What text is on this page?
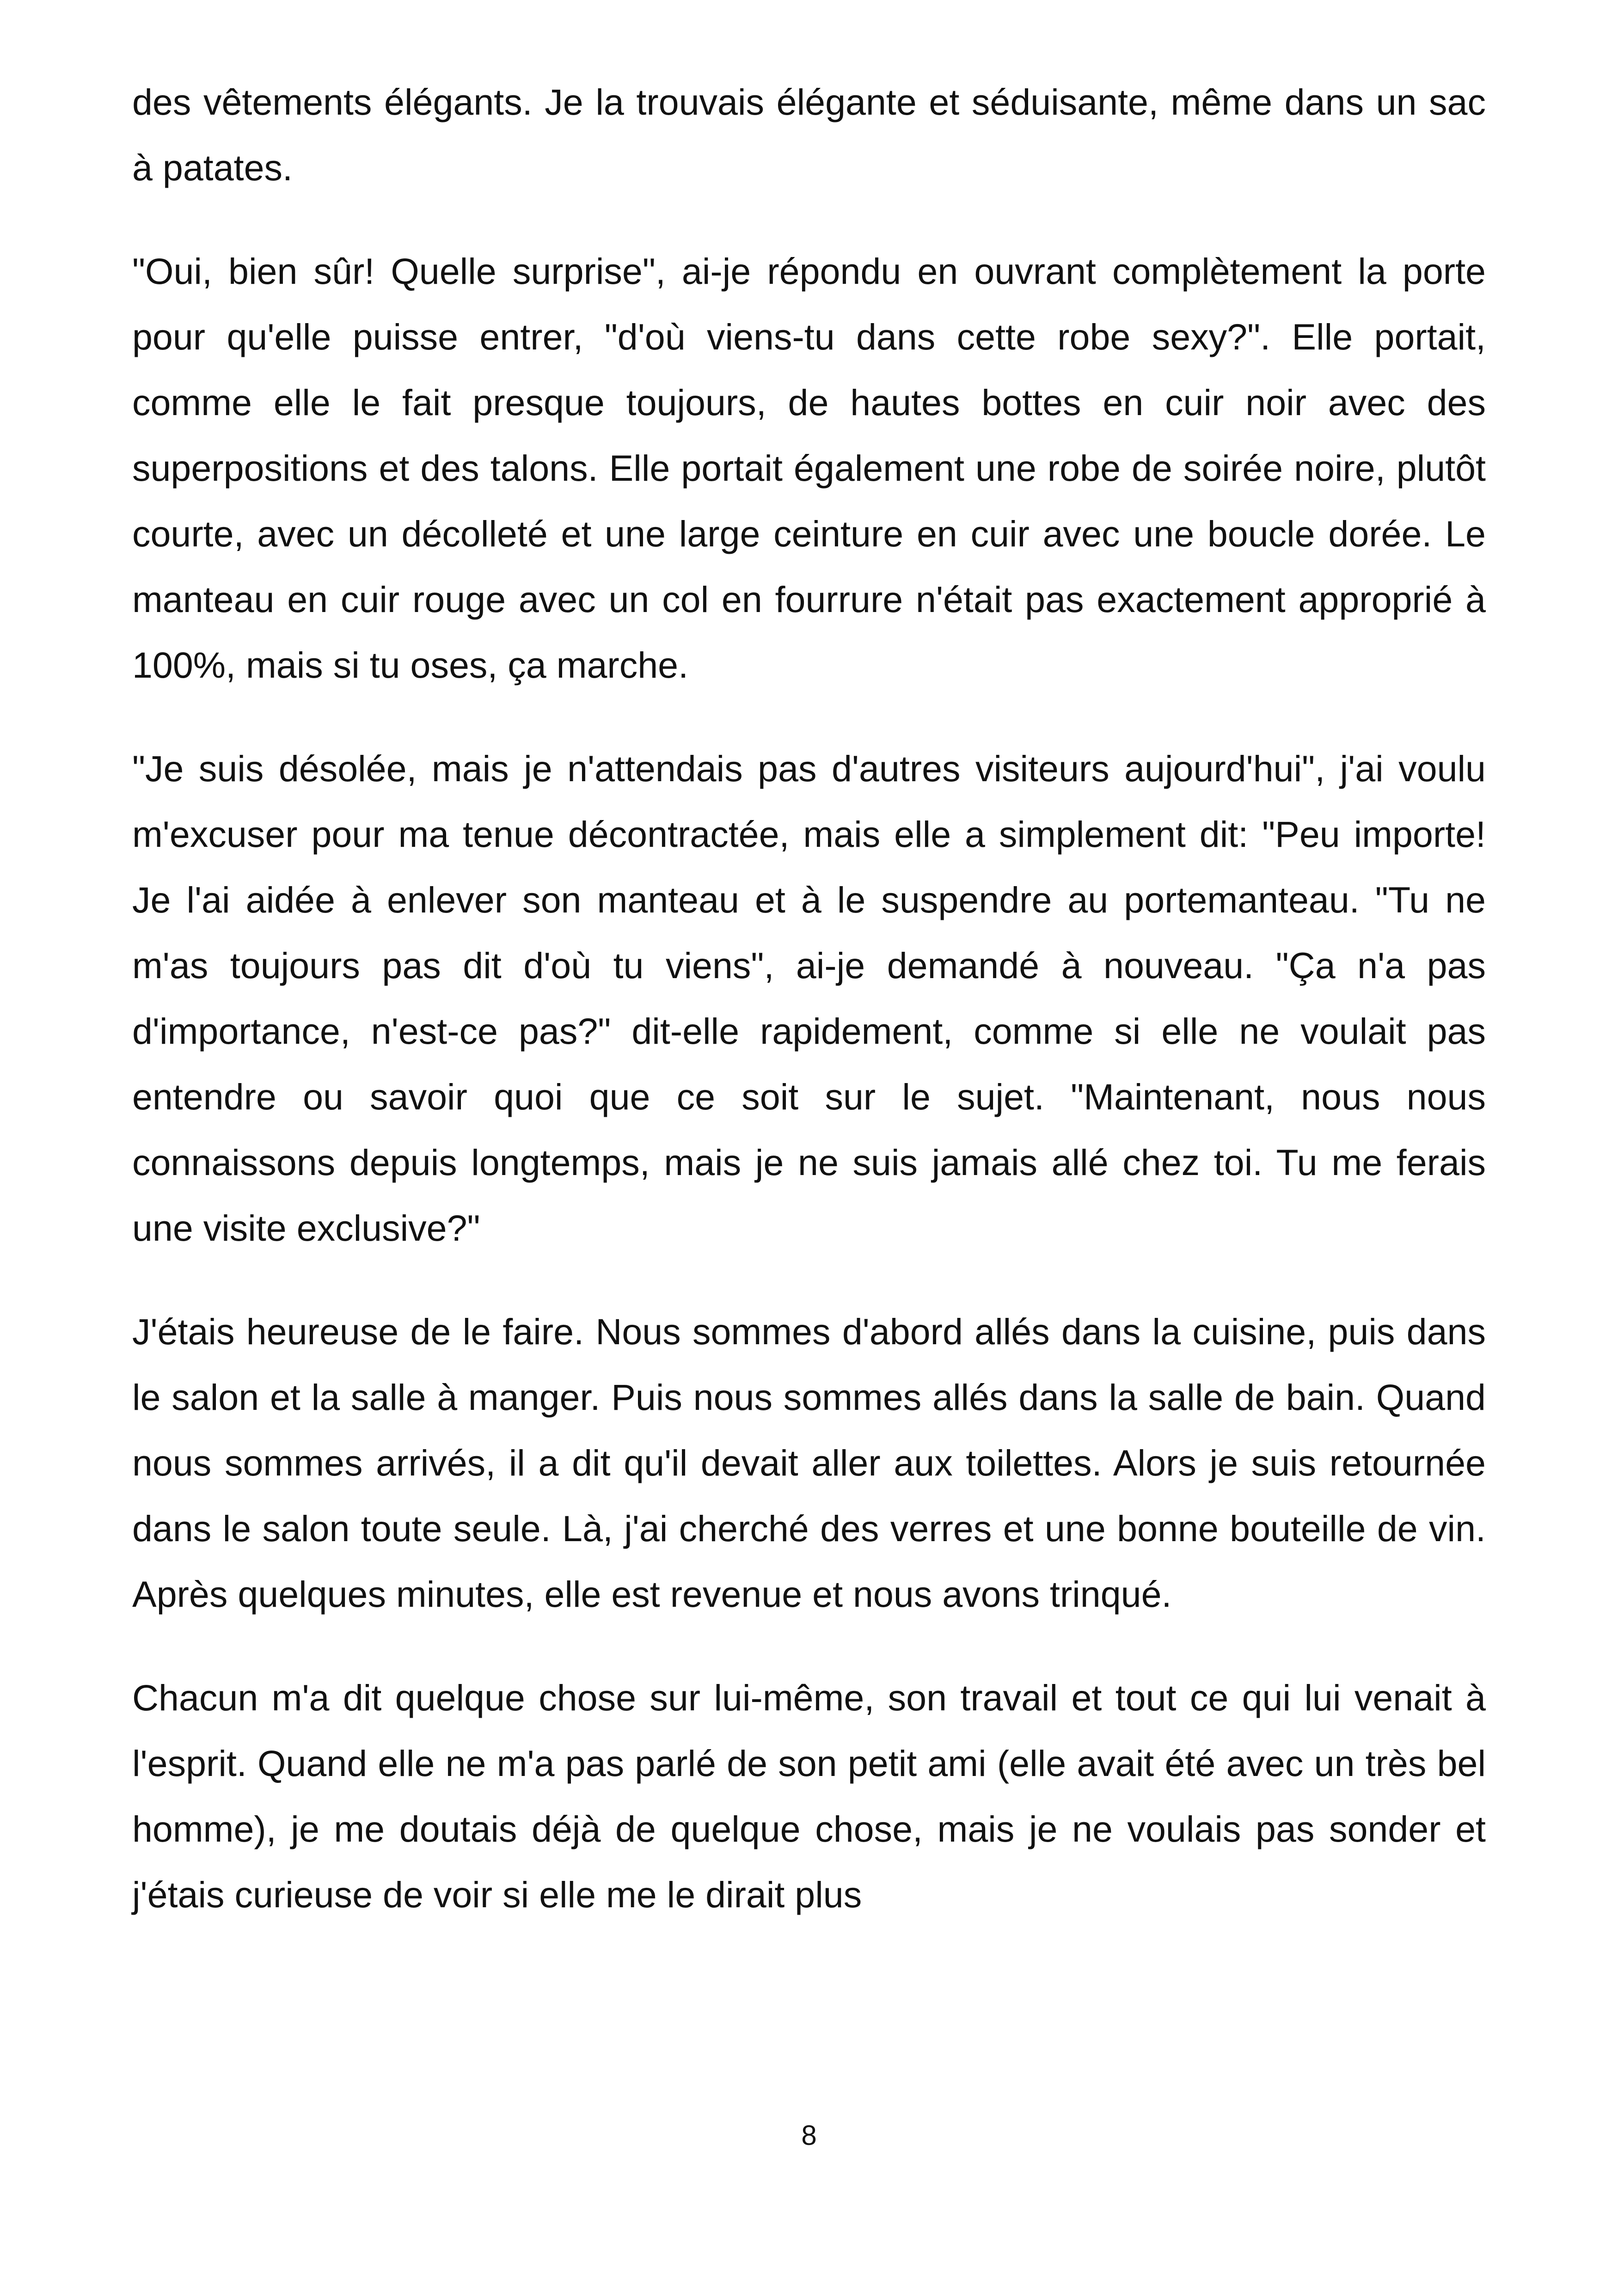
des vêtements élégants. Je la trouvais élégante et séduisante, même dans un sac à patates.

"Oui, bien sûr! Quelle surprise", ai-je répondu en ouvrant complètement la porte pour qu'elle puisse entrer, "d'où viens-tu dans cette robe sexy?". Elle portait, comme elle le fait presque toujours, de hautes bottes en cuir noir avec des superpositions et des talons. Elle portait également une robe de soirée noire, plutôt courte, avec un décolleté et une large ceinture en cuir avec une boucle dorée. Le manteau en cuir rouge avec un col en fourrure n'était pas exactement approprié à 100%, mais si tu oses, ça marche.

"Je suis désolée, mais je n'attendais pas d'autres visiteurs aujourd'hui", j'ai voulu m'excuser pour ma tenue décontractée, mais elle a simplement dit: "Peu importe! Je l'ai aidée à enlever son manteau et à le suspendre au portemanteau. "Tu ne m'as toujours pas dit d'où tu viens", ai-je demandé à nouveau. "Ça n'a pas d'importance, n'est-ce pas?" dit-elle rapidement, comme si elle ne voulait pas entendre ou savoir quoi que ce soit sur le sujet. "Maintenant, nous nous connaissons depuis longtemps, mais je ne suis jamais allé chez toi. Tu me ferais une visite exclusive?"

J'étais heureuse de le faire. Nous sommes d'abord allés dans la cuisine, puis dans le salon et la salle à manger. Puis nous sommes allés dans la salle de bain. Quand nous sommes arrivés, il a dit qu'il devait aller aux toilettes. Alors je suis retournée dans le salon toute seule. Là, j'ai cherché des verres et une bonne bouteille de vin. Après quelques minutes, elle est revenue et nous avons trinqué.

Chacun m'a dit quelque chose sur lui-même, son travail et tout ce qui lui venait à l'esprit. Quand elle ne m'a pas parlé de son petit ami (elle avait été avec un très bel homme), je me doutais déjà de quelque chose, mais je ne voulais pas sonder et j'étais curieuse de voir si elle me le dirait plus

8
